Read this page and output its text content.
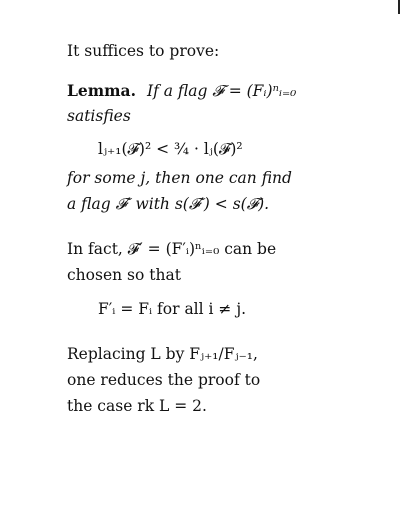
It suffices to prove:
Lemma. If a flag 𝓕 = (Fᵢ)ⁿᵢ₌₀
satisfies
lⱼ₊₁(𝓕)² < ¾ · lⱼ(𝓕)²
for some j, then one can find
a flag 𝓕′ with s(𝓕′) < s(𝓕).
In fact, 𝓕′ = (F′ᵢ)ⁿᵢ₌₀ can be
chosen so that
F′ᵢ = Fᵢ for all i ≠ j.
Replacing L by Fⱼ₊₁/Fⱼ₋₁,
one reduces the proof to
the case rk L = 2.
